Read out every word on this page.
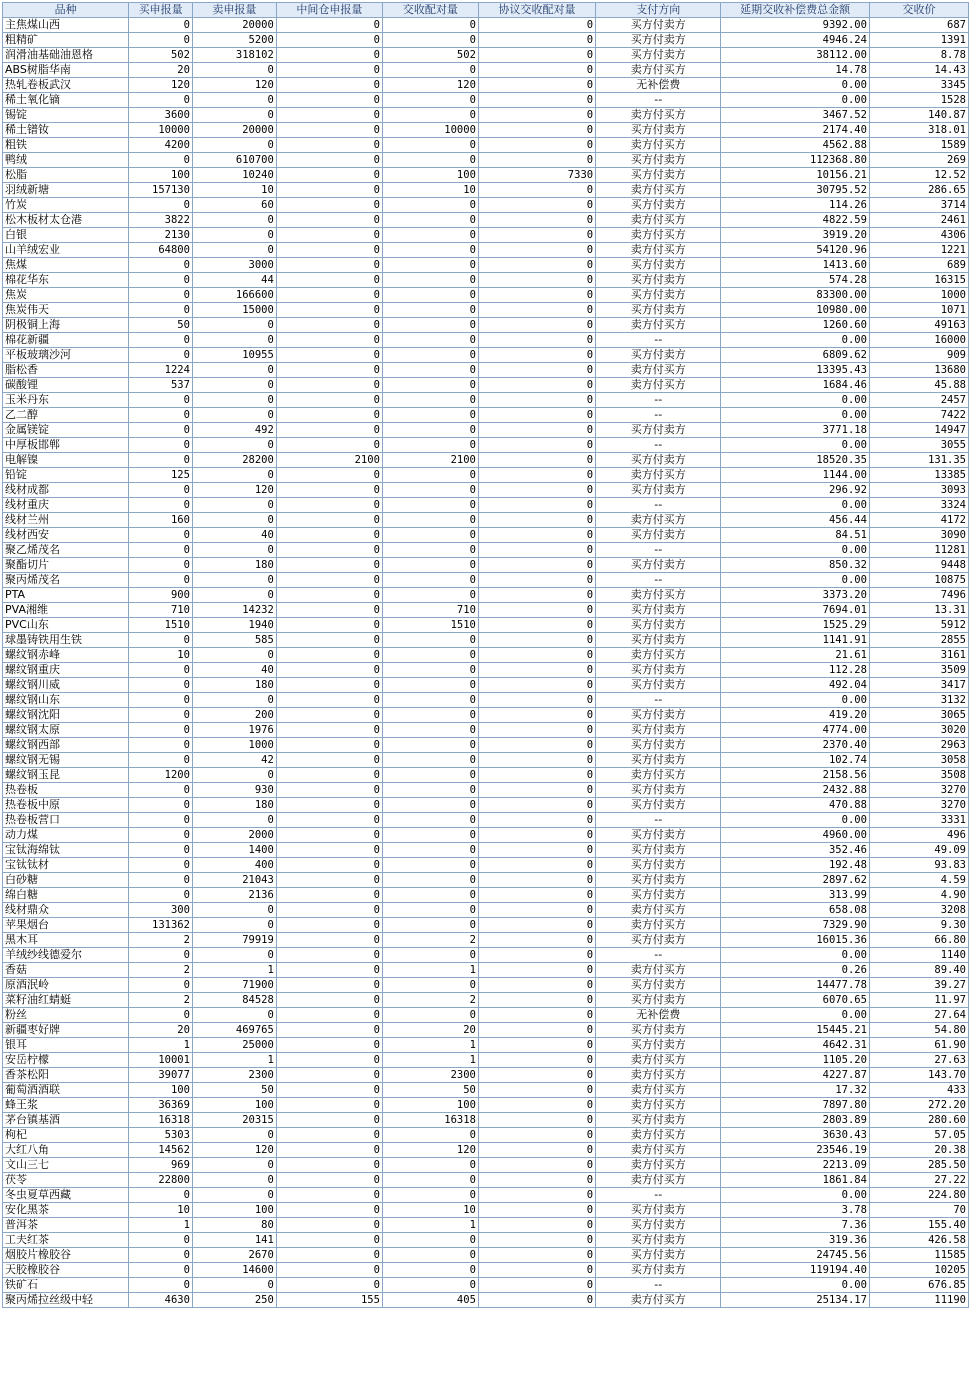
品种	买申报量	卖申报量	中间仓申报量	交收配对量	协议交收配对量	支付方向	延期交收补偿费总金额	交收价
主焦煤山西	0	20000	0	0	0	买方付卖方	9392.00	687
粗精矿	0	5200	0	0	0	买方付卖方	4946.24	1391
润滑油基础油恩格	502	318102	0	502	0	买方付卖方	38112.00	8.78
ABS树脂华南	20	0	0	0	0	卖方付买方	14.78	14.43
热轧卷板武汉	120	120	0	120	0	无补偿费	0.00	3345
稀土氧化镝	0	0	0	0	0	--	0.00	1528
锡锭	3600	0	0	0	0	卖方付买方	3467.52	140.87
稀土镨钕	10000	20000	0	10000	0	买方付卖方	2174.40	318.01
粗铁	4200	0	0	0	0	卖方付买方	4562.88	1589
鸭绒	0	610700	0	0	0	买方付卖方	112368.80	269
松脂	100	10240	0	100	7330	买方付卖方	10156.21	12.52
羽绒新塘	157130	10	0	10	0	卖方付买方	30795.52	286.65
竹炭	0	60	0	0	0	买方付卖方	114.26	3714
松木板材太仓港	3822	0	0	0	0	卖方付买方	4822.59	2461
白银	2130	0	0	0	0	卖方付买方	3919.20	4306
山羊绒宏业	64800	0	0	0	0	卖方付买方	54120.96	1221
焦煤	0	3000	0	0	0	买方付卖方	1413.60	689
棉花华东	0	44	0	0	0	买方付卖方	574.28	16315
焦炭	0	166600	0	0	0	买方付卖方	83300.00	1000
焦炭伟天	0	15000	0	0	0	买方付卖方	10980.00	1071
阴极铜上海	50	0	0	0	0	卖方付买方	1260.60	49163
棉花新疆	0	0	0	0	0	--	0.00	16000
平板玻璃沙河	0	10955	0	0	0	买方付卖方	6809.62	909
脂松香	1224	0	0	0	0	卖方付买方	13395.43	13680
碳酸锂	537	0	0	0	0	卖方付买方	1684.46	45.88
玉米丹东	0	0	0	0	0	--	0.00	2457
乙二醇	0	0	0	0	0	--	0.00	7422
金属镁锭	0	492	0	0	0	买方付卖方	3771.18	14947
中厚板邯郸	0	0	0	0	0	--	0.00	3055
电解镍	0	28200	2100	2100	0	买方付卖方	18520.35	131.35
铅锭	125	0	0	0	0	卖方付买方	1144.00	13385
线材成都	0	120	0	0	0	买方付卖方	296.92	3093
线材重庆	0	0	0	0	0	--	0.00	3324
线材兰州	160	0	0	0	0	卖方付买方	456.44	4172
线材西安	0	40	0	0	0	买方付卖方	84.51	3090
聚乙烯茂名	0	0	0	0	0	--	0.00	11281
聚酯切片	0	180	0	0	0	买方付卖方	850.32	9448
聚丙烯茂名	0	0	0	0	0	--	0.00	10875
PTA	900	0	0	0	0	卖方付买方	3373.20	7496
PVA湘维	710	14232	0	710	0	买方付卖方	7694.01	13.31
PVC山东	1510	1940	0	1510	0	买方付卖方	1525.29	5912
球墨铸铁用生铁	0	585	0	0	0	买方付卖方	1141.91	2855
螺纹钢赤峰	10	0	0	0	0	卖方付买方	21.61	3161
螺纹钢重庆	0	40	0	0	0	买方付卖方	112.28	3509
螺纹钢川威	0	180	0	0	0	买方付卖方	492.04	3417
螺纹钢山东	0	0	0	0	0	--	0.00	3132
螺纹钢沈阳	0	200	0	0	0	买方付卖方	419.20	3065
螺纹钢太原	0	1976	0	0	0	买方付卖方	4774.00	3020
螺纹钢西部	0	1000	0	0	0	买方付卖方	2370.40	2963
螺纹钢无锡	0	42	0	0	0	买方付卖方	102.74	3058
螺纹钢玉昆	1200	0	0	0	0	卖方付买方	2158.56	3508
热卷板	0	930	0	0	0	买方付卖方	2432.88	3270
热卷板中原	0	180	0	0	0	买方付卖方	470.88	3270
热卷板营口	0	0	0	0	0	--	0.00	3331
动力煤	0	2000	0	0	0	买方付卖方	4960.00	496
宝钛海绵钛	0	1400	0	0	0	买方付卖方	352.46	49.09
宝钛钛材	0	400	0	0	0	买方付卖方	192.48	93.83
白砂糖	0	21043	0	0	0	买方付卖方	2897.62	4.59
绵白糖	0	2136	0	0	0	买方付卖方	313.99	4.90
线材鼎众	300	0	0	0	0	卖方付买方	658.08	3208
苹果烟台	131362	0	0	0	0	卖方付买方	7329.90	9.30
黑木耳	2	79919	0	2	0	买方付卖方	16015.36	66.80
羊绒纱线德爱尔	0	0	0	0	0	--	0.00	1140
香菇	2	1	0	1	0	卖方付买方	0.26	89.40
原酒泯岭	0	71900	0	0	0	买方付卖方	14477.78	39.27
菜籽油红蜻蜓	2	84528	0	2	0	买方付卖方	6070.65	11.97
粉丝	0	0	0	0	0	无补偿费	0.00	27.64
新疆枣好牌	20	469765	0	20	0	买方付卖方	15445.21	54.80
银耳	1	25000	0	1	0	买方付卖方	4642.31	61.90
安岳柠檬	10001	1	0	1	0	卖方付买方	1105.20	27.63
香茶松阳	39077	2300	0	2300	0	卖方付买方	4227.87	143.70
葡萄酒酒联	100	50	0	50	0	卖方付买方	17.32	433
蜂王浆	36369	100	0	100	0	卖方付买方	7897.80	272.20
茅台镇基酒	16318	20315	0	16318	0	买方付卖方	2803.89	280.60
枸杞	5303	0	0	0	0	卖方付买方	3630.43	57.05
大红八角	14562	120	0	120	0	卖方付买方	23546.19	20.38
文山三七	969	0	0	0	0	卖方付买方	2213.09	285.50
茯苓	22800	0	0	0	0	卖方付买方	1861.84	27.22
冬虫夏草西藏	0	0	0	0	0	--	0.00	224.80
安化黑茶	10	100	0	10	0	买方付卖方	3.78	70
普洱茶	1	80	0	1	0	买方付卖方	7.36	155.40
工夫红茶	0	141	0	0	0	买方付卖方	319.36	426.58
烟胶片橡胶谷	0	2670	0	0	0	买方付卖方	24745.56	11585
天胶橡胶谷	0	14600	0	0	0	买方付卖方	119194.40	10205
铁矿石	0	0	0	0	0	--	0.00	676.85
聚丙烯拉丝级中轻	4630	250	155	405	0	卖方付买方	25134.17	11190
